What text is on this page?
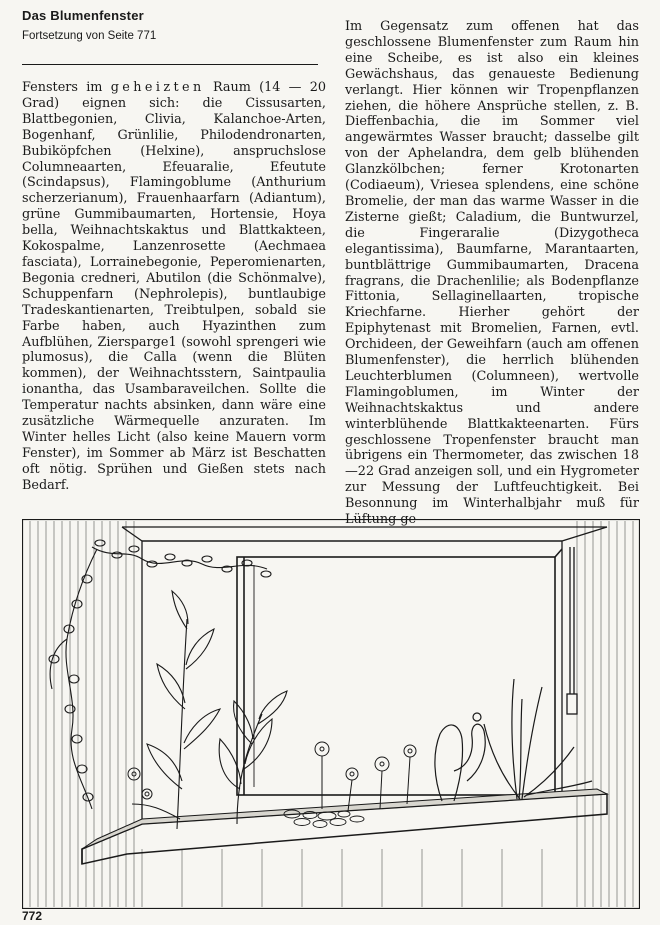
Das Blumenfenster
Fortsetzung von Seite 771
Fensters im geheizten Raum (14 — 20 Grad) eignen sich: die Cissusarten, Blattbegonien, Clivia, Kalanchoe-Arten, Bogenhanf, Grünlilie, Philodendronarten, Bubiköpfchen (Helxine), anspruchslose Columneaarten, Efeuaralie, Efeutute (Scindapsus), Flamingoblume (Anthurium scherzerianum), Frauenhaarfarn (Adiantum), grüne Gummibaumarten, Hortensie, Hoya bella, Weihnachtskaktus und Blattkakteen, Kokospalme, Lanzenrosette (Aechmaea fasciata), Lorrainebegonie, Peperomienarten, Begonia credneri, Abutilon (die Schönmalve), Schuppenfarn (Nephrolepis), buntlaubige Tradeskantienarten, Treibtulpen, sobald sie Farbe haben, auch Hyazinthen zum Aufblühen, Ziersparge1 (sowohl sprengeri wie plumosus), die Calla (wenn die Blüten kommen), der Weihnachtsstern, Saintpaulia ionantha, das Usambaraveilchen. Sollte die Temperatur nachts absinken, dann wäre eine zusätzliche Wärmequelle anzuraten. Im Winter helles Licht (also keine Mauern vorm Fenster), im Sommer ab März ist Beschatten oft nötig. Sprühen und Gießen stets nach Bedarf.
Im Gegensatz zum offenen hat das geschlossene Blumenfenster zum Raum hin eine Scheibe, es ist also ein kleines Gewächshaus, das genaueste Bedienung verlangt. Hier können wir Tropenpflanzen ziehen, die höhere Ansprüche stellen, z. B. Dieffenbachia, die im Sommer viel angewärmtes Wasser braucht; dasselbe gilt von der Aphelandra, dem gelb blühenden Glanzkölbchen; ferner Krotonarten (Codiaeum), Vriesea splendens, eine schöne Bromelie, der man das warme Wasser in die Zisterne gießt; Caladium, die Buntwurzel, die Fingeraralie (Dizygotheca elegantissima), Baumfarne, Marantaarten, buntblättrige Gummibaumarten, Dracena fragrans, die Drachenlilie; als Bodenpflanze Fittonia, Sellaginellaarten, tropische Kriechfarne. Hierher gehört der Epiphytenast mit Bromelien, Farnen, evtl. Orchideen, der Geweihfarn (auch am offenen Blumenfenster), die herrlich blühenden Leuchterblumen (Columneen), wertvolle Flamingoblumen, im Winter der Weihnachtskaktus und andere winterblühende Blattkakteenarten. Fürs geschlossene Tropenfenster braucht man übrigens ein Thermometer, das zwischen 18—22 Grad anzeigen soll, und ein Hygrometer zur Messung der Luftfeuchtigkeit. Bei Besonnung im Winterhalbjahr muß für Lüftung ge-
772
